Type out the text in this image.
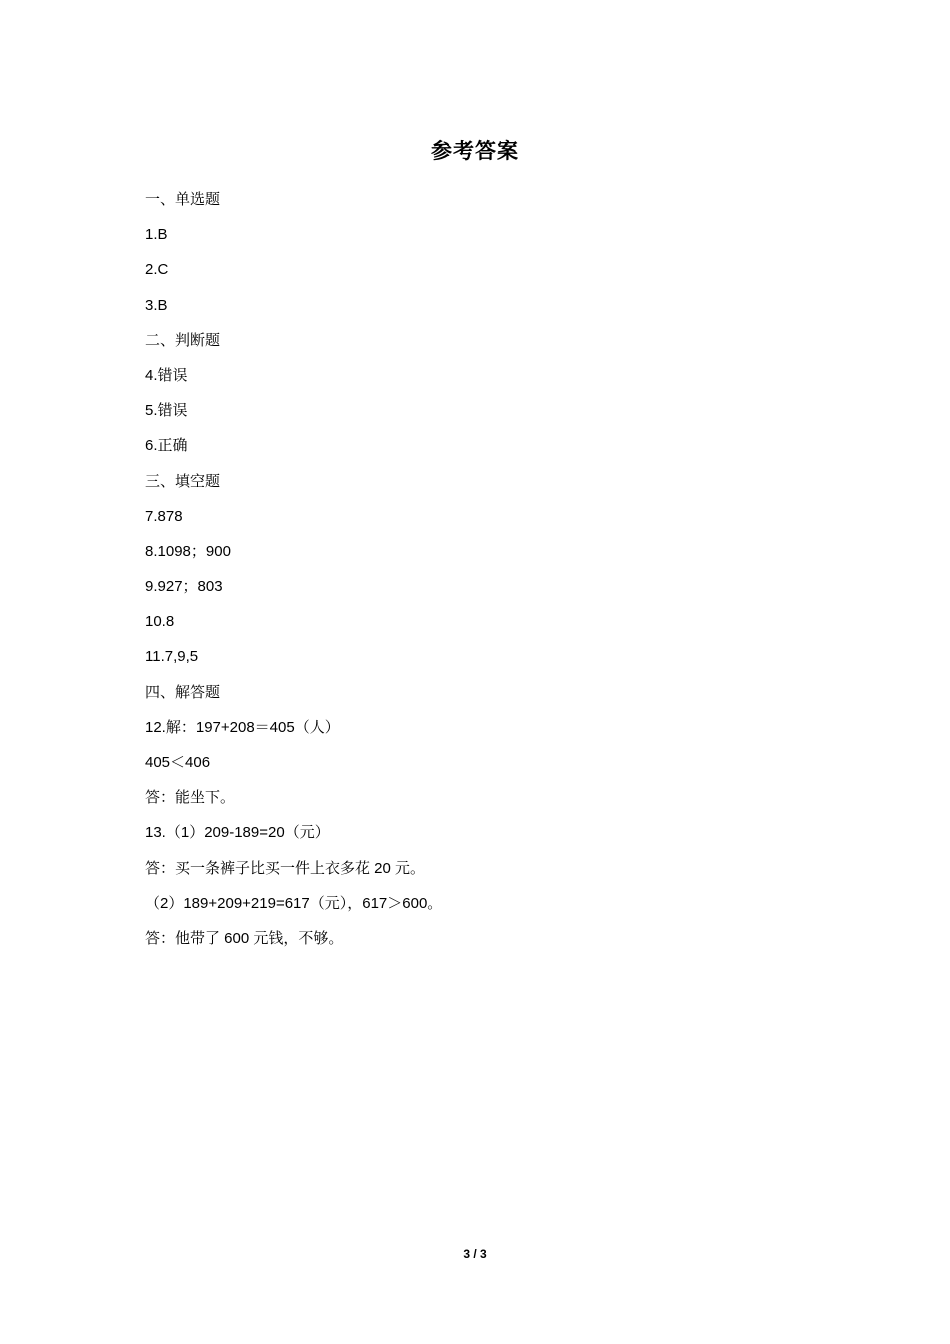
参考答案
一、单选题
1.B
2.C
3.B
二、判断题
4.错误
5.错误
6.正确
三、填空题
7.878
8.1098；900
9.927；803
10.8
11.7,9,5
四、解答题
12.解：197+208＝405（人）
405＜406
答：能坐下。
13.（1）209-189=20（元）
答：买一条裤子比买一件上衣多花 20 元。
（2）189+209+219=617（元），617＞600。
答：他带了 600 元钱，不够。
3 / 3
